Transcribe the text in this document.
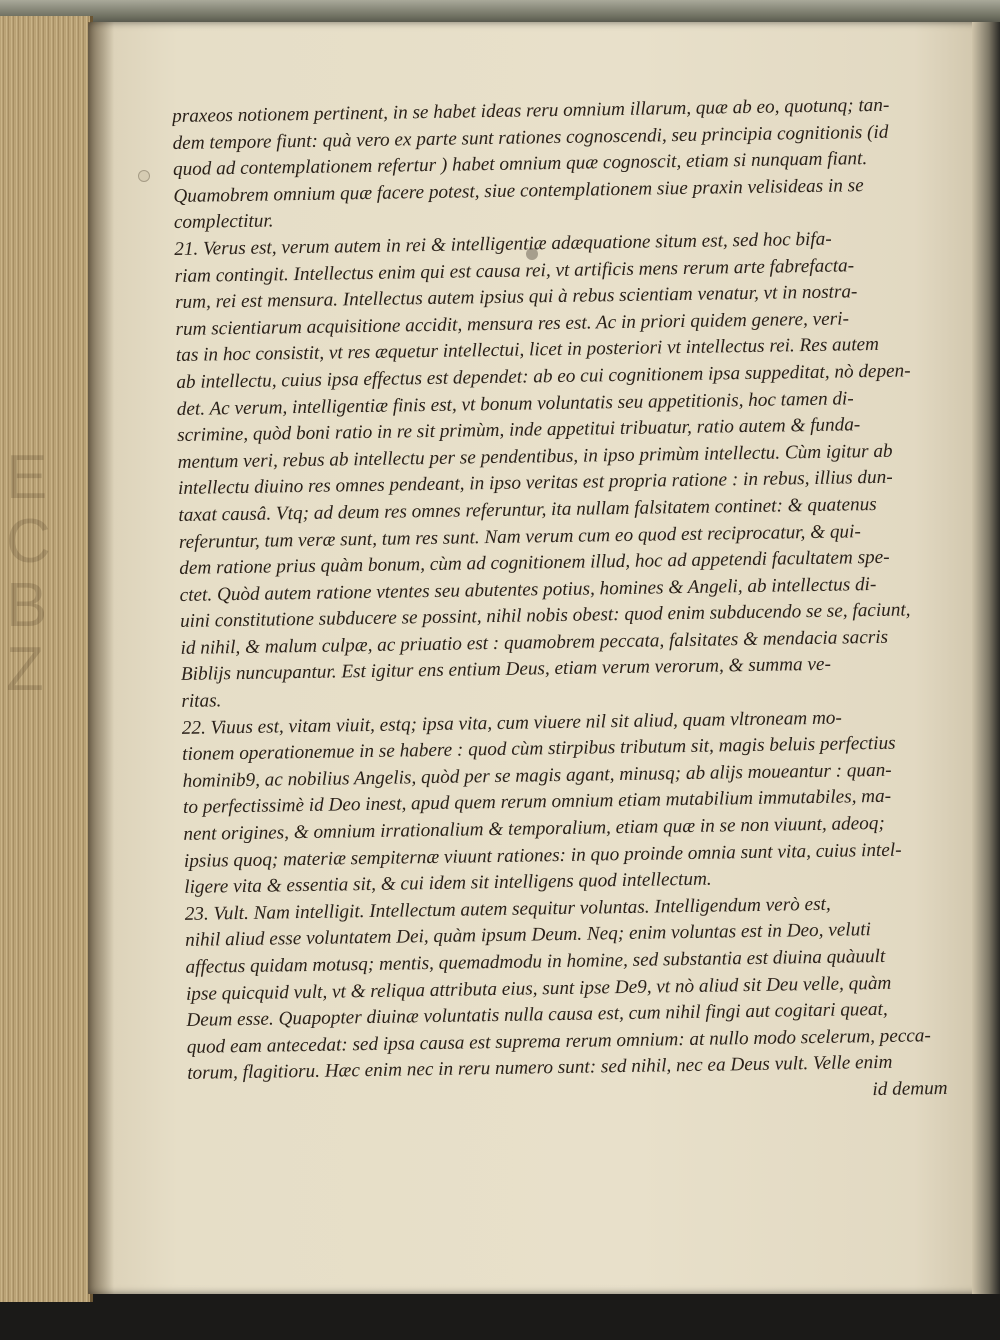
E
C
B
Z
praxeos notionem pertinent, in se habet ideas reru omnium illarum, quæ ab eo, quotunq; tan-
dem tempore fiunt: quà vero ex parte sunt rationes cognoscendi, seu principia cognitionis (id
quod ad contemplationem refertur ) habet omnium quæ cognoscit, etiam si nunquam fiant.
Quamobrem omnium quæ facere potest, siue contemplationem siue praxin velisideas in se
complectitur.
21. Verus est, verum autem in rei & intelligentiæ adæquatione situm est, sed hoc bifa-
riam contingit. Intellectus enim qui est causa rei, vt artificis mens rerum arte fabrefacta-
rum, rei est mensura. Intellectus autem ipsius qui à rebus scientiam venatur, vt in nostra-
rum scientiarum acquisitione accidit, mensura res est. Ac in priori quidem genere, veri-
tas in hoc consistit, vt res æquetur intellectui, licet in posteriori vt intellectus rei. Res autem
ab intellectu, cuius ipsa effectus est dependet: ab eo cui cognitionem ipsa suppeditat, nò depen-
det. Ac verum, intelligentiæ finis est, vt bonum voluntatis seu appetitionis, hoc tamen di-
scrimine, quòd boni ratio in re sit primùm, inde appetitui tribuatur, ratio autem & funda-
mentum veri, rebus ab intellectu per se pendentibus, in ipso primùm intellectu. Cùm igitur ab
intellectu diuino res omnes pendeant, in ipso veritas est propria ratione : in rebus, illius dun-
taxat causâ. Vtq; ad deum res omnes referuntur, ita nullam falsitatem continet: & quatenus
referuntur, tum veræ sunt, tum res sunt. Nam verum cum eo quod est reciprocatur, & qui-
dem ratione prius quàm bonum, cùm ad cognitionem illud, hoc ad appetendi facultatem spe-
ctet. Quòd autem ratione vtentes seu abutentes potius, homines & Angeli, ab intellectus di-
uini constitutione subducere se possint, nihil nobis obest: quod enim subducendo se se, faciunt,
id nihil, & malum culpæ, ac priuatio est : quamobrem peccata, falsitates & mendacia sacris
Biblijs nuncupantur. Est igitur ens entium Deus, etiam verum verorum, & summa ve-
ritas.
22. Viuus est, vitam viuit, estq; ipsa vita, cum viuere nil sit aliud, quam vltroneam mo-
tionem operationemue in se habere : quod cùm stirpibus tributum sit, magis beluis perfectius
hominib9, ac nobilius Angelis, quòd per se magis agant, minusq; ab alijs moueantur : quan-
to perfectissimè id Deo inest, apud quem rerum omnium etiam mutabilium immutabiles, ma-
nent origines, & omnium irrationalium & temporalium, etiam quæ in se non viuunt, adeoq;
ipsius quoq; materiæ sempiternæ viuunt rationes: in quo proinde omnia sunt vita, cuius intel-
ligere vita & essentia sit, & cui idem sit intelligens quod intellectum.
23. Vult. Nam intelligit. Intellectum autem sequitur voluntas. Intelligendum verò est,
nihil aliud esse voluntatem Dei, quàm ipsum Deum. Neq; enim voluntas est in Deo, veluti
affectus quidam motusq; mentis, quemadmodu in homine, sed substantia est diuina quàuult
ipse quicquid vult, vt & reliqua attributa eius, sunt ipse De9, vt nò aliud sit Deu velle, quàm
Deum esse. Quapopter diuinæ voluntatis nulla causa est, cum nihil fingi aut cogitari queat,
quod eam antecedat: sed ipsa causa est suprema rerum omnium: at nullo modo scelerum, pecca-
torum, flagitioru. Hæc enim nec in reru numero sunt: sed nihil, nec ea Deus vult. Velle enim
id demum
